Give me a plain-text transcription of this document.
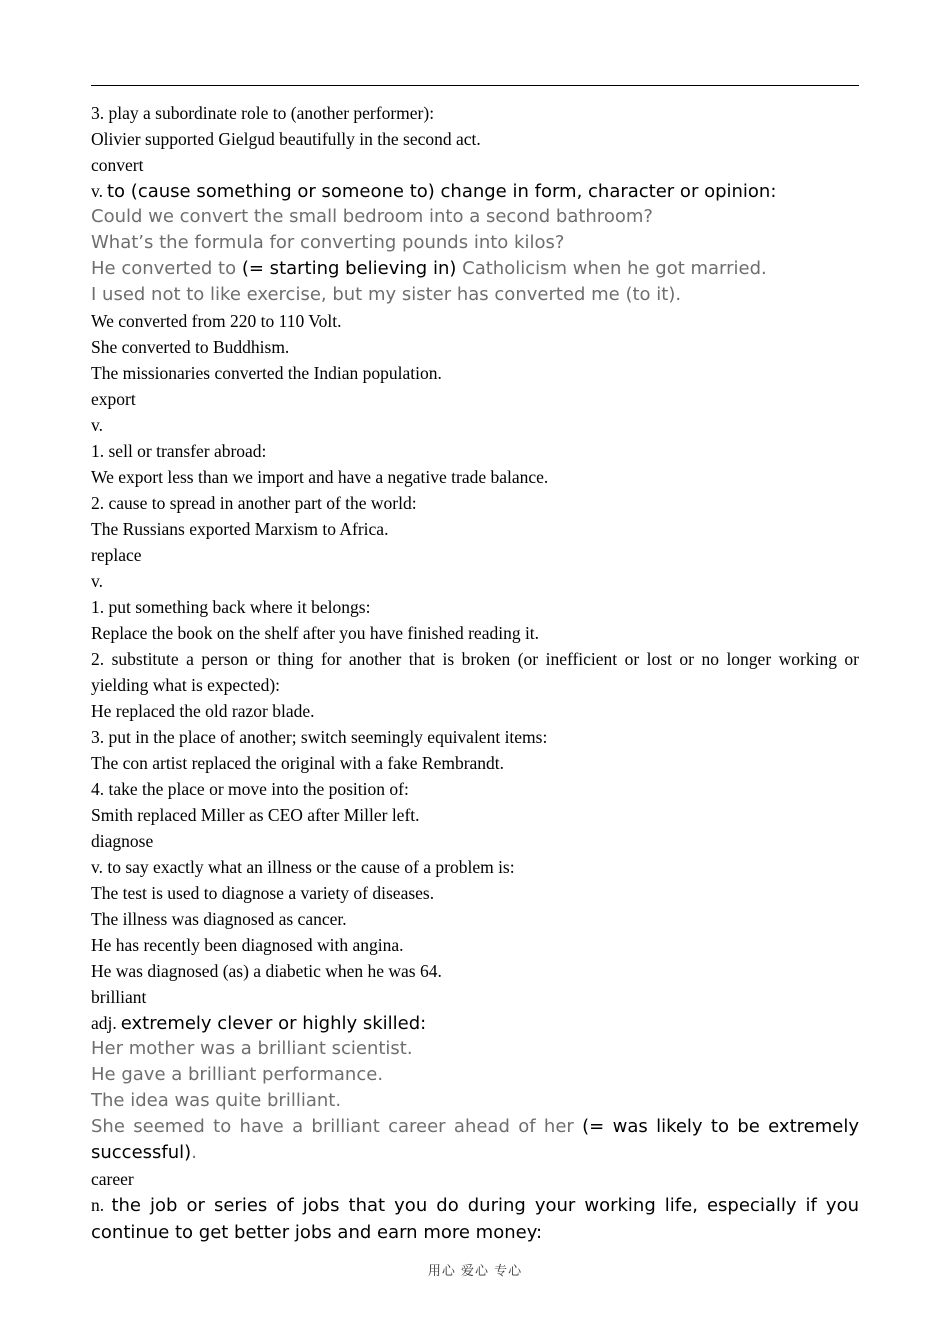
3. play a subordinate role to (another performer):
Olivier supported Gielgud beautifully in the second act.
convert
v. to (cause something or someone to) change in form, character or opinion:
Could we convert the small bedroom into a second bathroom?
What’s the formula for converting pounds into kilos?
He converted to (= starting believing in) Catholicism when he got married.
I used not to like exercise, but my sister has converted me (to it).
We converted from 220 to 110 Volt.
She converted to Buddhism.
The missionaries converted the Indian population.
export
v.
1. sell or transfer abroad:
We export less than we import and have a negative trade balance.
2. cause to spread in another part of the world:
The Russians exported Marxism to Africa.
replace
v.
1. put something back where it belongs:
Replace the book on the shelf after you have finished reading it.
2. substitute a person or thing for another that is broken (or inefficient or lost or no longer working or yielding what is expected):
He replaced the old razor blade.
3. put in the place of another; switch seemingly equivalent items:
The con artist replaced the original with a fake Rembrandt.
4. take the place or move into the position of:
Smith replaced Miller as CEO after Miller left.
diagnose
v. to say exactly what an illness or the cause of a problem is:
The test is used to diagnose a variety of diseases.
The illness was diagnosed as cancer.
He has recently been diagnosed with angina.
He was diagnosed (as) a diabetic when he was 64.
brilliant
adj. extremely clever or highly skilled:
Her mother was a brilliant scientist.
He gave a brilliant performance.
The idea was quite brilliant.
She seemed to have a brilliant career ahead of her (= was likely to be extremely successful).
career
n. the job or series of jobs that you do during your working life, especially if you continue to get better jobs and earn more money:
用心 爱心 专心
